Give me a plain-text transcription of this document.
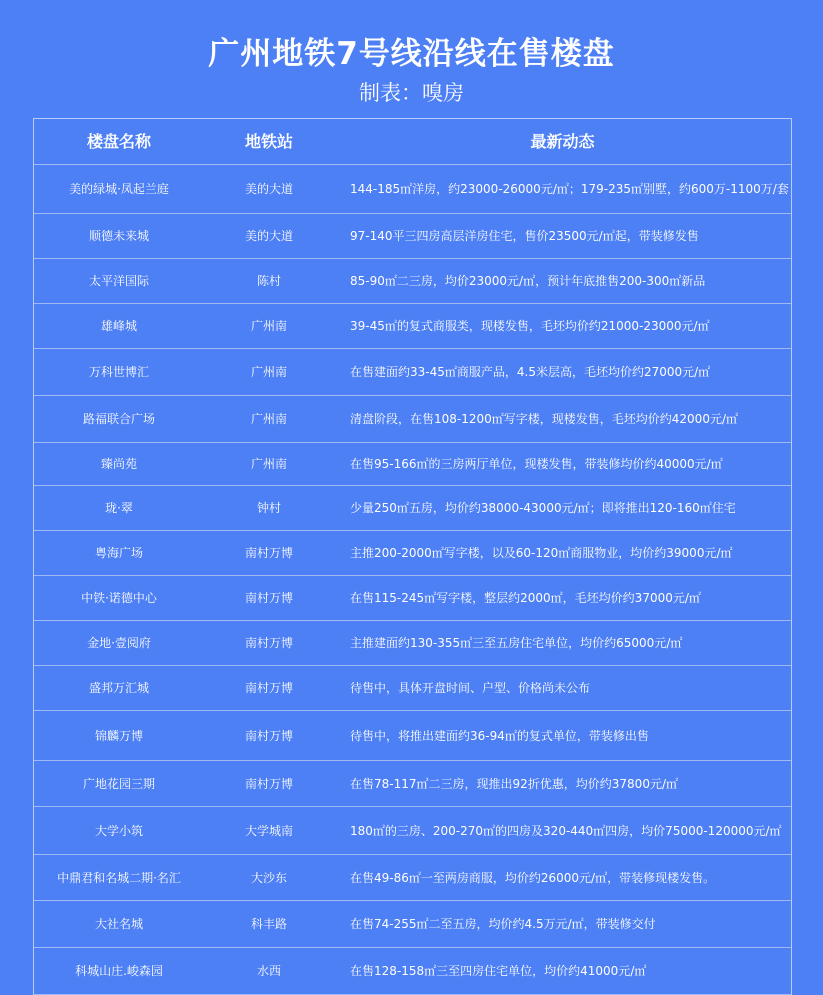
广州地铁7号线沿线在售楼盘
制表：嗅房
楼盘名称	地铁站	最新动态
美的绿城·凤起兰庭	美的大道	144-185㎡洋房，约23000-26000元/㎡；179-235㎡别墅，约600万-1100万/套
顺德未来城	美的大道	97-140平三四房高层洋房住宅，售价23500元/㎡起，带装修发售
太平洋国际	陈村	85-90㎡二三房，均价23000元/㎡，预计年底推售200-300㎡新品
雄峰城	广州南	39-45㎡的复式商服类，现楼发售，毛坯均价约21000-23000元/㎡
万科世博汇	广州南	在售建面约33-45㎡商服产品，4.5米层高，毛坯均价约27000元/㎡
路福联合广场	广州南	清盘阶段，在售108-1200㎡写字楼，现楼发售，毛坯均价约42000元/㎡
臻尚苑	广州南	在售95-166㎡的三房两厅单位，现楼发售，带装修均价约40000元/㎡
珑·翠	钟村	少量250㎡五房，均价约38000-43000元/㎡；即将推出120-160㎡住宅
粤海广场	南村万博	主推200-2000㎡写字楼，以及60-120㎡商服物业，均价约39000元/㎡
中铁·诺德中心	南村万博	在售115-245㎡写字楼，整层约2000㎡，毛坯均价约37000元/㎡
金地·壹阅府	南村万博	主推建面约130-355㎡三至五房住宅单位，均价约65000元/㎡
盛邦万汇城	南村万博	待售中，具体开盘时间、户型、价格尚未公布
锦麟万博	南村万博	待售中，将推出建面约36-94㎡的复式单位，带装修出售
广地花园三期	南村万博	在售78-117㎡二三房，现推出92折优惠，均价约37800元/㎡
大学小筑	大学城南	180㎡的三房、200-270㎡的四房及320-440㎡四房，均价75000-120000元/㎡
中鼎君和名城二期·名汇	大沙东	在售49-86㎡一至两房商服，均价约26000元/㎡，带装修现楼发售。
大社名城	科丰路	在售74-255㎡二至五房，均价约4.5万元/㎡，带装修交付
科城山庄.峻森园	水西	在售128-158㎡三至四房住宅单位，均价约41000元/㎡
